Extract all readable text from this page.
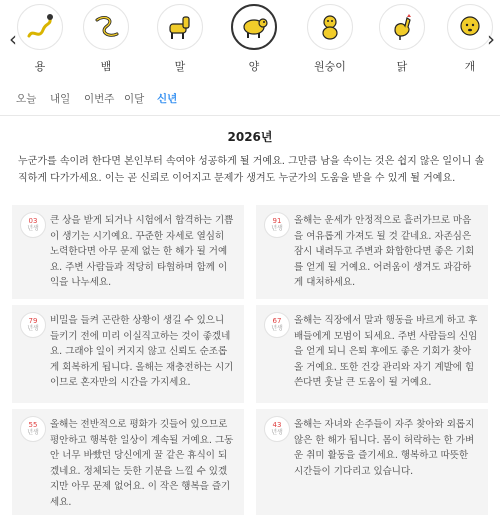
‹
용	뱀	말	양	원숭이	닭	개
›
오늘 내일 이번주 이달 신년
2026년

누군가를 속이려 한다면 본인부터 속여야 성공하게 될 거예요. 그만큼 남을 속이는 것은 쉽지 않은 일이니 솔직하게 다가가세요. 이는 곧 신뢰로 이어지고 문제가 생겨도 누군가의 도움을 받을 수 있게 될 거예요.

03
년생

큰 상을 받게 되거나 시험에서 합격하는 기쁨이 생기는 시기예요. 꾸준한 자세로 열심히 노력한다면 아무 문제 없는 한 해가 될 거예요. 주변 사람들과 적당히 타협하며 함께 이익을 나누세요.

91
년생

올해는 운세가 안정적으로 흘러가므로 마음을 여유롭게 가져도 될 것 같네요. 자존심은 잠시 내려두고 주변과 화합한다면 좋은 기회를 얻게 될 거예요. 어려움이 생겨도 과감하게 대처하세요.

79
년생

비밀을 들켜 곤란한 상황이 생길 수 있으니 들키기 전에 미리 이실직고하는 것이 좋겠네요. 그래야 일이 커지지 않고 신뢰도 순조롭게 회복하게 됩니다. 올해는 재충전하는 시기이므로 혼자만의 시간을 가지세요.

67
년생

올해는 직장에서 말과 행동을 바르게 하고 후배들에게 모범이 되세요. 주변 사람들의 신임을 얻게 되니 은퇴 후에도 좋은 기회가 찾아올 거예요. 또한 건강 관리와 자기 계발에 힘쓴다면 훗날 큰 도움이 될 거예요.

55
년생

올해는 전반적으로 평화가 깃들어 있으므로 평안하고 행복한 일상이 계속될 거예요. 그동안 너무 바빴던 당신에게 꿀 같은 휴식이 되겠네요. 정체되는 듯한 기분을 느낄 수 있겠지만 아무 문제 없어요. 이 작은 행복을 즐기세요.

43
년생

올해는 자녀와 손주들이 자주 찾아와 외롭지 않은 한 해가 됩니다. 몸이 허락하는 한 가벼운 취미 활동을 즐기세요. 행복하고 따뜻한 시간들이 기다리고 있습니다.
